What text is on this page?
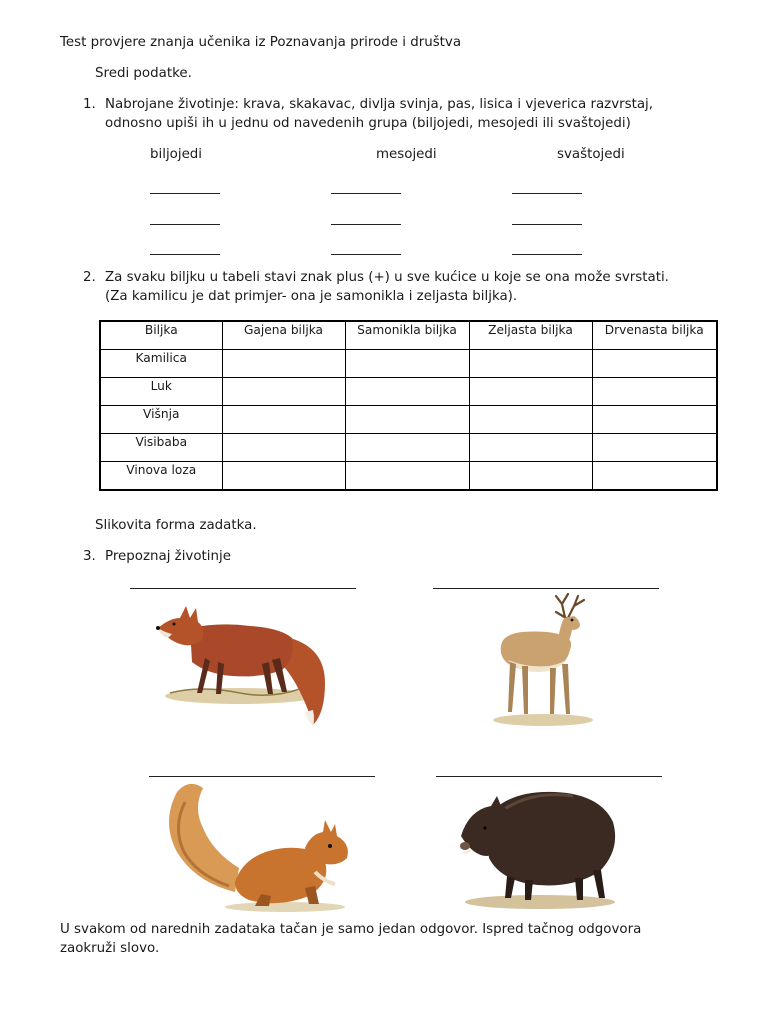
Test provjere znanja učenika iz Poznavanja prirode i društva
Sredi podatke.
1. Nabrojane životinje: krava, skakavac, divlja svinja, pas, lisica i vjeverica razvrstaj,
odnosno upiši ih u jednu od navedenih grupa (biljojedi, mesojedi ili svaštojedi)
biljojedi	mesojedi	svaštojedi
2. Za svaku biljku u tabeli stavi znak plus (+) u sve kućice u koje se ona može svrstati.
(Za kamilicu je dat primjer- ona je samonikla i zeljasta biljka).
Biljka	Gajena biljka	Samonikla biljka	Zeljasta biljka	Drvenasta biljka
Kamilica				
Luk				
Višnja				
Visibaba				
Vinova loza				
Slikovita forma zadatka.
3. Prepoznaj životinje
U svakom od narednih zadataka tačan je samo jedan odgovor. Ispred tačnog odgovora
zaokruži slovo.
